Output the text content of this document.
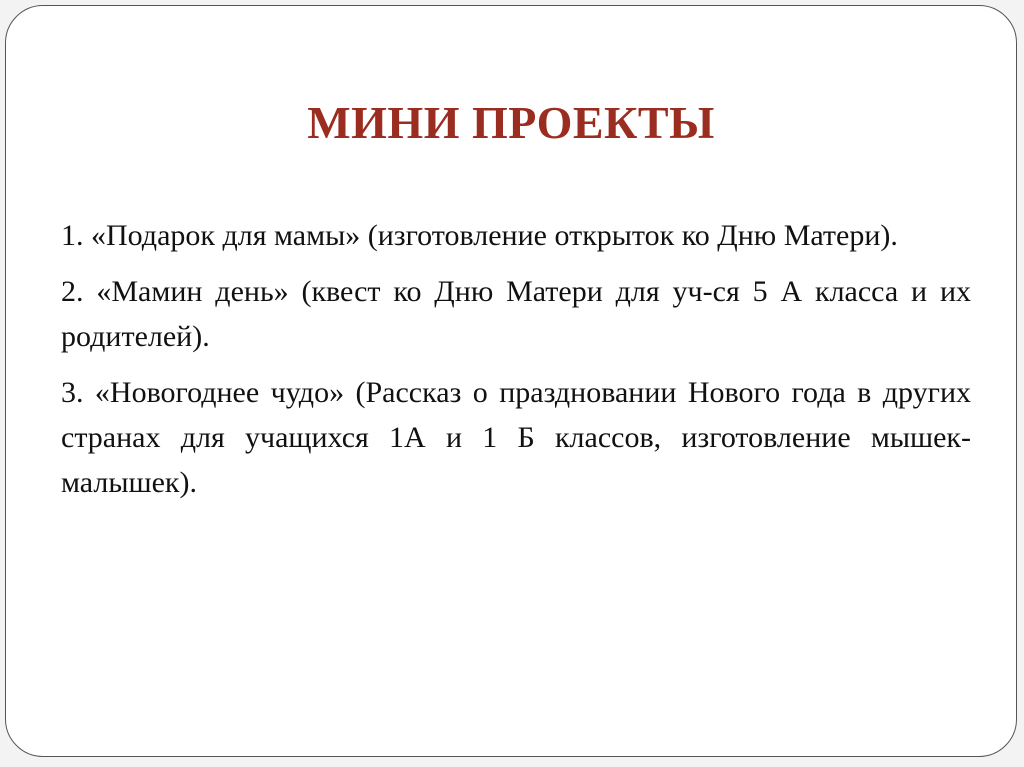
МИНИ ПРОЕКТЫ

1. «Подарок для мамы» (изготовление открыток ко Дню Матери).

2. «Мамин день» (квест ко Дню Матери для уч-ся 5 А класса и их родителей).

3. «Новогоднее чудо» (Рассказ о праздновании Нового года в других странах для учащихся 1А и 1 Б классов, изготовление мышек-малышек).
